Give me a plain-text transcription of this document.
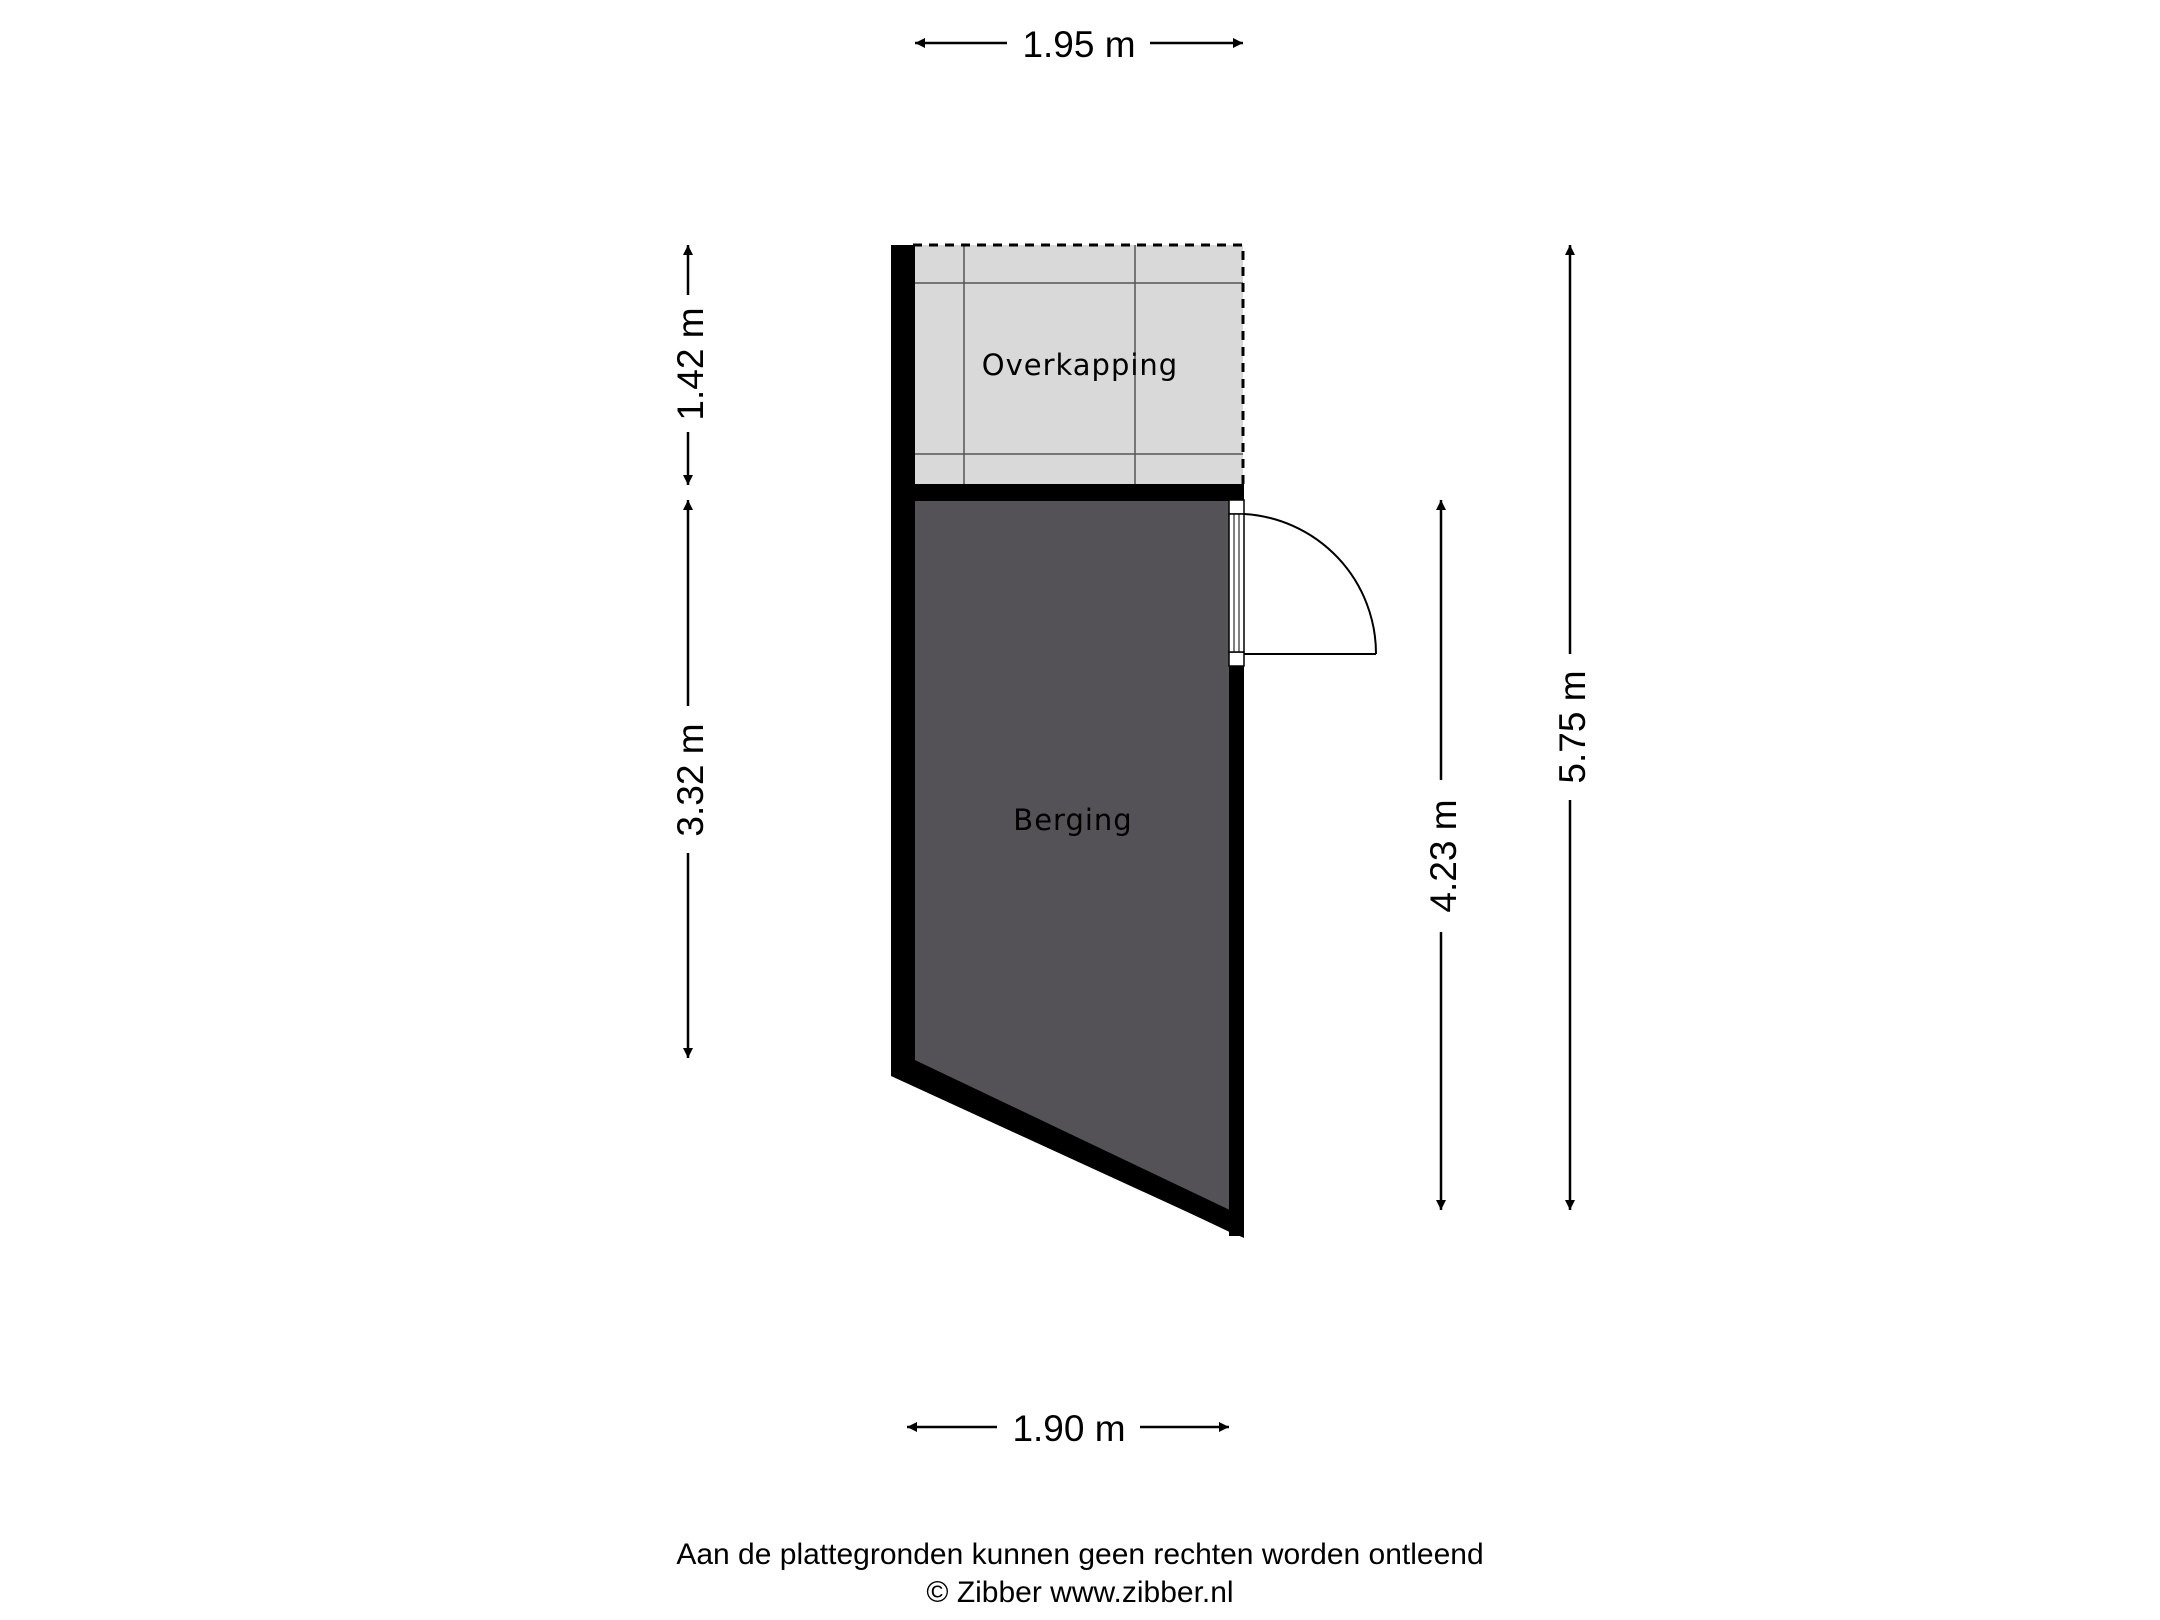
Overkapping
Berging
1.95 m
1.90 m
1.42 m
3.32 m
4.23 m
5.75 m
Aan de plattegronden kunnen geen rechten worden ontleend
© Zibber www.zibber.nl
